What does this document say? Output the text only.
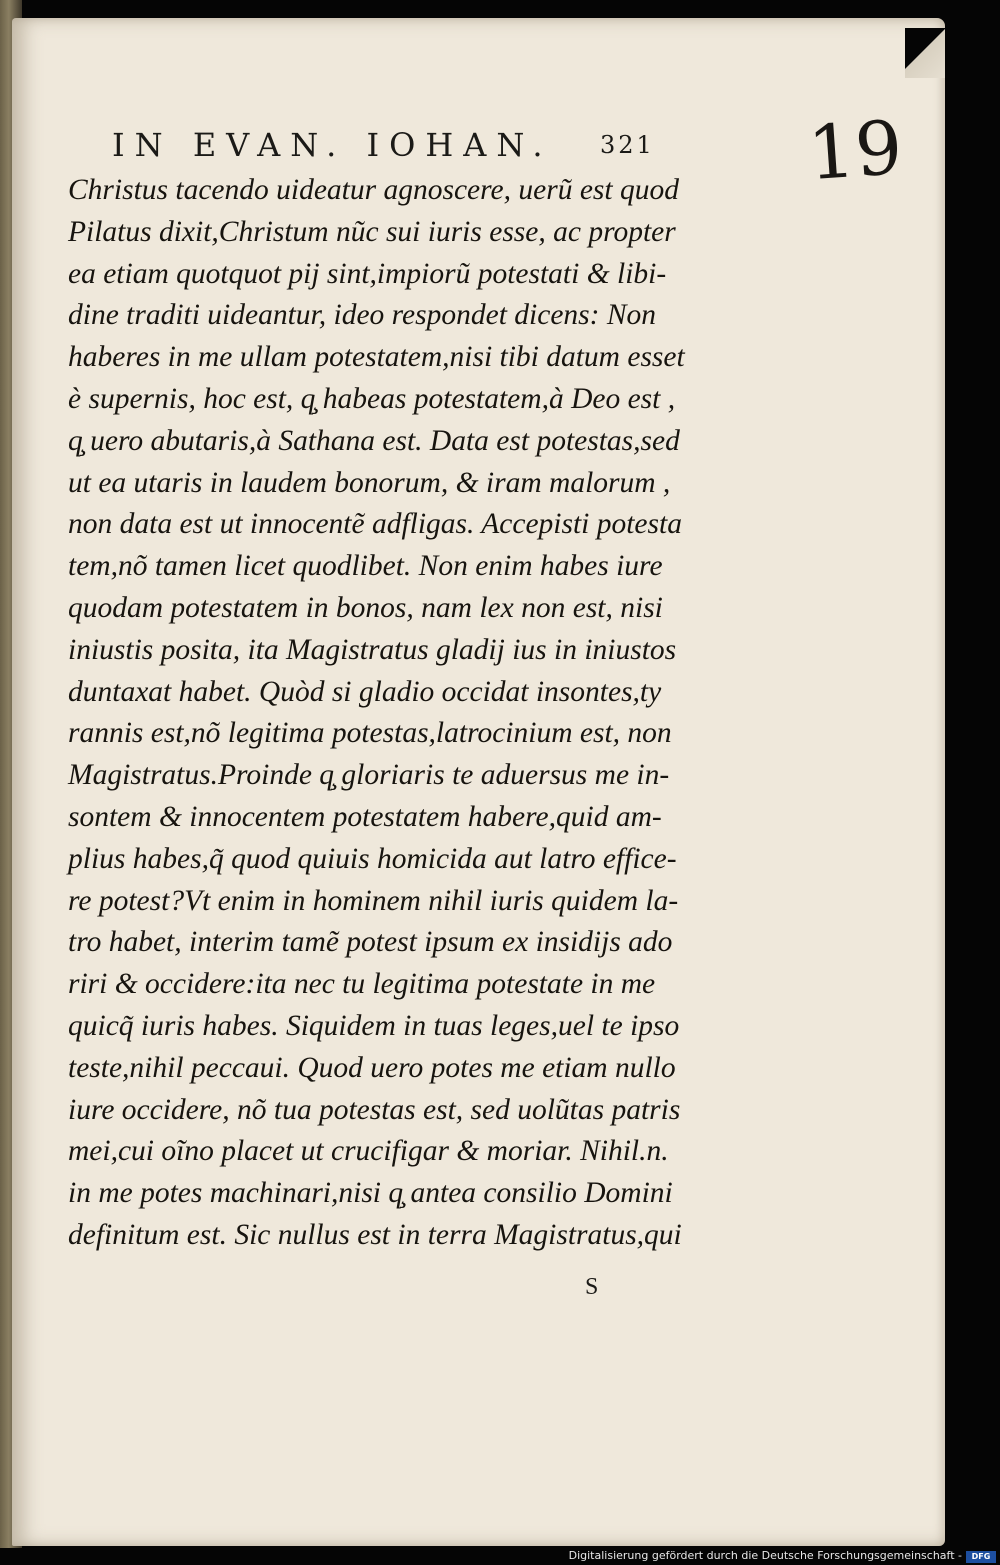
IN EVAN. IOHAN.	321 19
Christus tacendo uideatur agnoscere, uerũ est quod
Pilatus dixit,Christum nũc sui iuris esse, ac propter
ea etiam quotquot pij sint,impiorũ potestati & libi-
dine traditi uideantur, ideo respondet dicens: Non
haberes in me ullam potestatem,nisi tibi datum esset
è supernis, hoc est, q̧ habeas potestatem,à Deo est ,
q̧ uero abutaris,à Sathana est. Data est potestas,sed
ut ea utaris in laudem bonorum, & iram malorum ,
non data est ut innocentẽ adfligas. Accepisti potesta
tem,nõ tamen licet quodlibet. Non enim habes iure
quodam potestatem in bonos, nam lex non est, nisi
iniustis posita, ita Magistratus gladij ius in iniustos
duntaxat habet. Quòd si gladio occidat insontes,ty
rannis est,nõ legitima potestas,latrocinium est, non
Magistratus.Proinde q̧ gloriaris te aduersus me in-
sontem & innocentem potestatem habere,quid am-
plius habes,q̃ quod quiuis homicida aut latro effice-
re potest?Vt enim in hominem nihil iuris quidem la-
tro habet, interim tamẽ potest ipsum ex insidijs ado
riri & occidere:ita nec tu legitima potestate in me
quicq̃ iuris habes. Siquidem in tuas leges,uel te ipso
teste,nihil peccaui. Quod uero potes me etiam nullo
iure occidere, nõ tua potestas est, sed uolũtas patris
mei,cui oĩno placet ut crucifigar & moriar. Nihil.n.
in me potes machinari,nisi q̧ antea consilio Domini
definitum est. Sic nullus est in terra Magistratus,qui
S
Digitalisierung gefördert durch die Deutsche Forschungsgemeinschaft -	DFG
